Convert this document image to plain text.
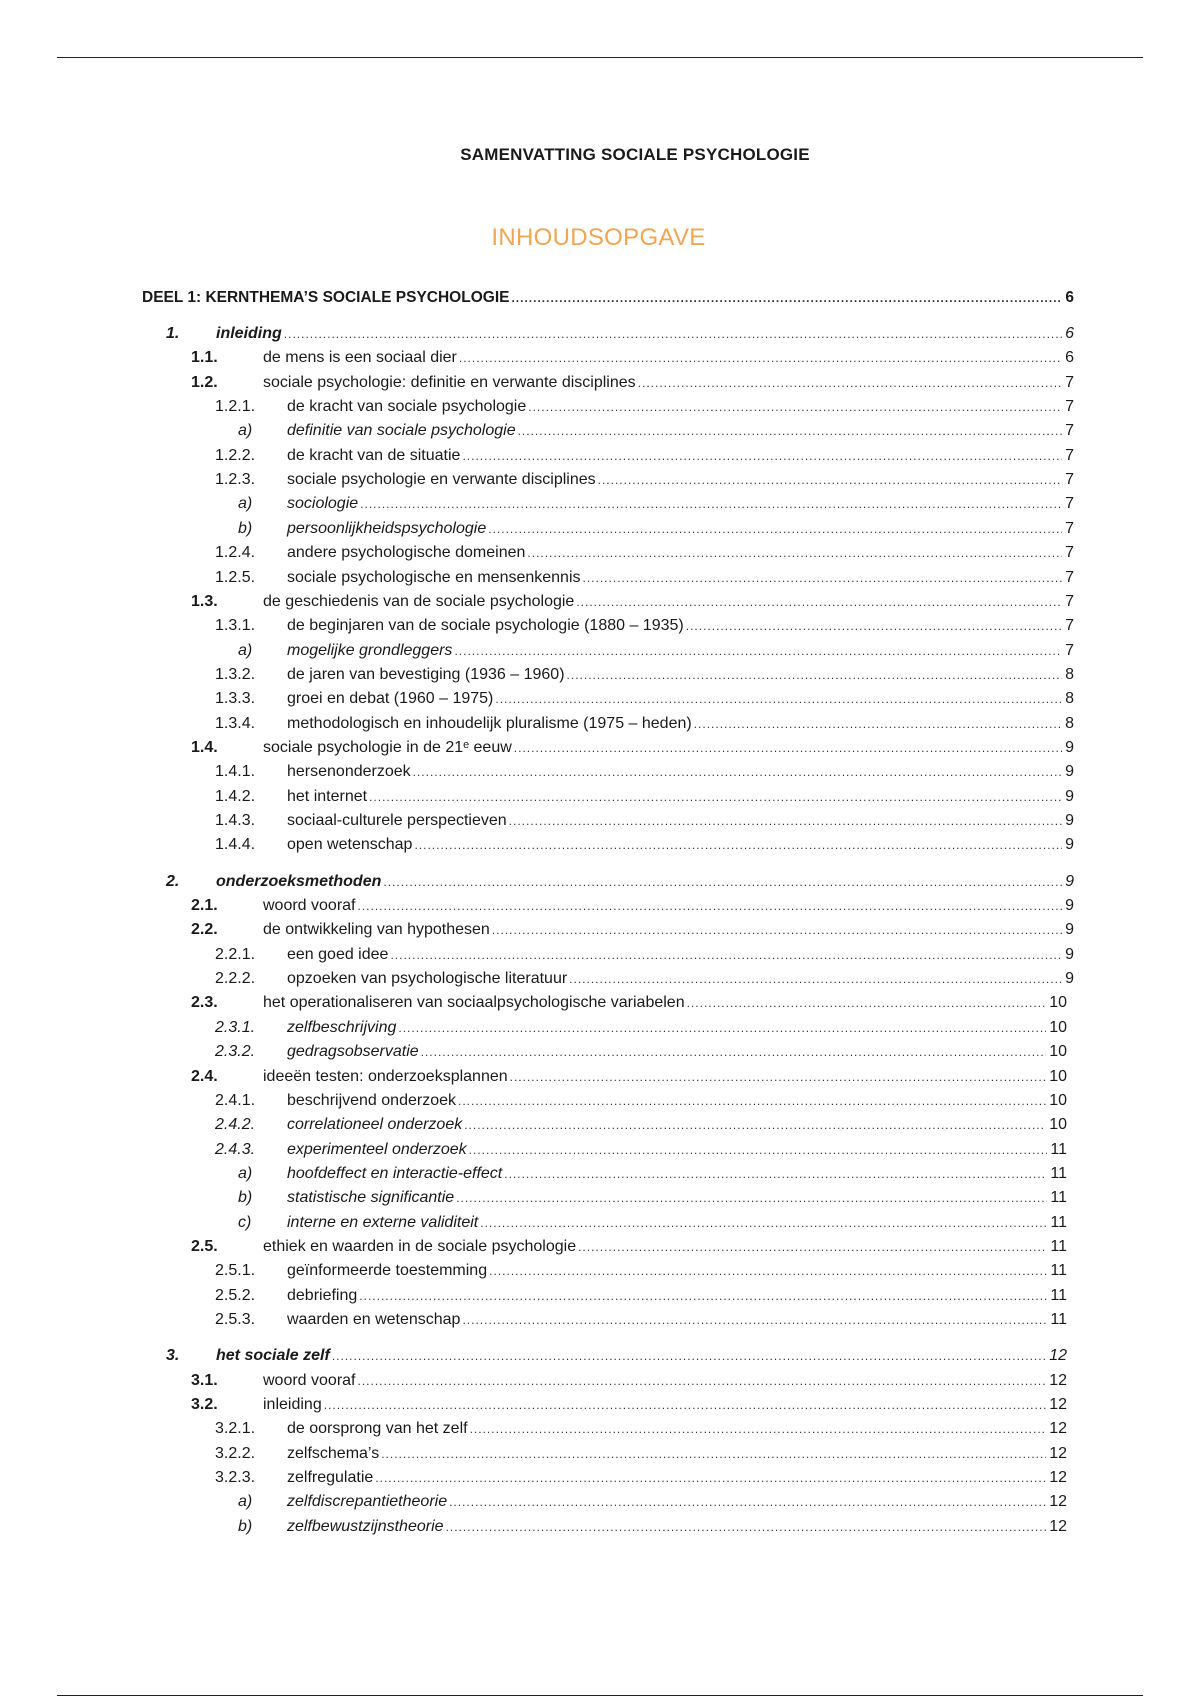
SAMENVATTING SOCIALE PSYCHOLOGIE
INHOUDSOPGAVE
DEEL 1: KERNTHEMA’S SOCIALE PSYCHOLOGIE .....	6
1.	inleiding .....	6
1.1.	de mens is een sociaal dier .....	6
1.2.	sociale psychologie: definitie en verwante disciplines .....	7
1.2.1.	de kracht van sociale psychologie .....	7
a)	definitie van sociale psychologie .....	7
1.2.2.	de kracht van de situatie .....	7
1.2.3.	sociale psychologie en verwante disciplines .....	7
a)	sociologie .....	7
b)	persoonlijkheidspsychologie .....	7
1.2.4.	andere psychologische domeinen .....	7
1.2.5.	sociale psychologische en mensenkennis .....	7
1.3.	de geschiedenis van de sociale psychologie .....	7
1.3.1.	de beginjaren van de sociale psychologie (1880 – 1935) .....	7
a)	mogelijke grondleggers .....	7
1.3.2.	de jaren van bevestiging (1936 – 1960) .....	8
1.3.3.	groei en debat (1960 – 1975) .....	8
1.3.4.	methodologisch en inhoudelijk pluralisme (1975 – heden) .....	8
1.4.	sociale psychologie in de 21ᵉ eeuw .....	9
1.4.1.	hersenonderzoek .....	9
1.4.2.	het internet .....	9
1.4.3.	sociaal-culturele perspectieven .....	9
1.4.4.	open wetenschap .....	9
2.	onderzoeksmethoden .....	9
2.1.	woord vooraf .....	9
2.2.	de ontwikkeling van hypothesen .....	9
2.2.1.	een goed idee .....	9
2.2.2.	opzoeken van psychologische literatuur .....	9
2.3.	het operationaliseren van sociaalpsychologische variabelen .....	10
2.3.1.	zelfbeschrijving .....	10
2.3.2.	gedragsobservatie .....	10
2.4.	ideeën testen: onderzoeksplannen .....	10
2.4.1.	beschrijvend onderzoek .....	10
2.4.2.	correlationeel onderzoek .....	10
2.4.3.	experimenteel onderzoek .....	11
a)	hoofdeffect en interactie-effect .....	11
b)	statistische significantie .....	11
c)	interne en externe validiteit .....	11
2.5.	ethiek en waarden in de sociale psychologie .....	11
2.5.1.	geïnformeerde toestemming .....	11
2.5.2.	debriefing .....	11
2.5.3.	waarden en wetenschap .....	11
3.	het sociale zelf .....	12
3.1.	woord vooraf .....	12
3.2.	inleiding .....	12
3.2.1.	de oorsprong van het zelf .....	12
3.2.2.	zelfschema’s .....	12
3.2.3.	zelfregulatie .....	12
a)	zelfdiscrepantietheorie .....	12
b)	zelfbewustzijnstheorie .....	12
